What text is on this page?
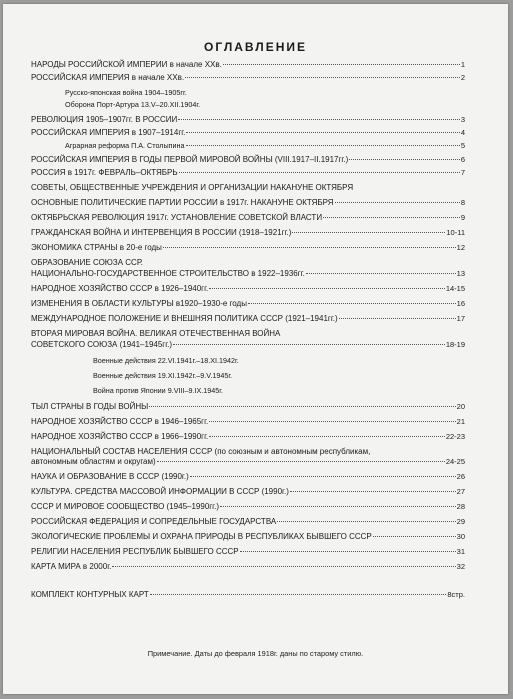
ОГЛАВЛЕНИЕ
НАРОДЫ РОССИЙСКОЙ ИМПЕРИИ в начале XXв.	1
РОССИЙСКАЯ ИМПЕРИЯ в начале XXв.	2
Русско-японская война 1904–1905гг.
Оборона Порт-Артура 13.V–20.XII.1904г.
РЕВОЛЮЦИЯ 1905–1907гг. В РОССИИ	3
РОССИЙСКАЯ ИМПЕРИЯ в 1907–1914гг.	4
Аграрная реформа П.А. Столыпина	5
РОССИЙСКАЯ ИМПЕРИЯ В ГОДЫ ПЕРВОЙ МИРОВОЙ ВОЙНЫ (VIII.1917–II.1917гг.)	6
РОССИЯ в 1917г. ФЕВРАЛЬ–ОКТЯБРЬ	7
СОВЕТЫ, ОБЩЕСТВЕННЫЕ УЧРЕЖДЕНИЯ И ОРГАНИЗАЦИИ НАКАНУНЕ ОКТЯБРЯ
ОСНОВНЫЕ ПОЛИТИЧЕСКИЕ ПАРТИИ РОССИИ в 1917г. НАКАНУНЕ ОКТЯБРЯ	8
ОКТЯБРЬСКАЯ РЕВОЛЮЦИЯ 1917г. УСТАНОВЛЕНИЕ СОВЕТСКОЙ ВЛАСТИ	9
ГРАЖДАНСКАЯ ВОЙНА И ИНТЕРВЕНЦИЯ В РОССИИ (1918–1921гг.)	10-11
ЭКОНОМИКА СТРАНЫ в 20-е годы	12
ОБРАЗОВАНИЕ СОЮЗА ССР.
НАЦИОНАЛЬНО-ГОСУДАРСТВЕННОЕ СТРОИТЕЛЬСТВО в 1922–1936гг.	13
НАРОДНОЕ ХОЗЯЙСТВО СССР в 1926–1940гг.	14-15
ИЗМЕНЕНИЯ В ОБЛАСТИ КУЛЬТУРЫ в1920–1930-е годы	16
МЕЖДУНАРОДНОЕ ПОЛОЖЕНИЕ И ВНЕШНЯЯ ПОЛИТИКА СССР (1921–1941гг.)	17
ВТОРАЯ МИРОВАЯ ВОЙНА. ВЕЛИКАЯ ОТЕЧЕСТВЕННАЯ ВОЙНА
СОВЕТСКОГО СОЮЗА (1941–1945гг.)	18-19
Военные действия 22.VI.1941г.–18.XI.1942г.
Военные действия 19.XI.1942г.–9.V.1945г.
Война против Японии 9.VIII–9.IX.1945г.
ТЫЛ СТРАНЫ В ГОДЫ ВОЙНЫ	20
НАРОДНОЕ ХОЗЯЙСТВО СССР в 1946–1965гг.	21
НАРОДНОЕ ХОЗЯЙСТВО СССР в 1966–1990гг.	22-23
НАЦИОНАЛЬНЫЙ СОСТАВ НАСЕЛЕНИЯ СССР (по союзным и автономным республикам,
автономным областям и округам)	24-25
НАУКА И ОБРАЗОВАНИЕ В СССР (1990г.)	26
КУЛЬТУРА. СРЕДСТВА МАССОВОЙ ИНФОРМАЦИИ В СССР (1990г.)	27
СССР И МИРОВОЕ СООБЩЕСТВО (1945–1990гг.)	28
РОССИЙСКАЯ ФЕДЕРАЦИЯ И СОПРЕДЕЛЬНЫЕ ГОСУДАРСТВА	29
ЭКОЛОГИЧЕСКИЕ ПРОБЛЕМЫ И ОХРАНА ПРИРОДЫ В РЕСПУБЛИКАХ БЫВШЕГО СССР	30
РЕЛИГИИ НАСЕЛЕНИЯ РЕСПУБЛИК БЫВШЕГО СССР	31
КАРТА МИРА в 2000г.	32
КОМПЛЕКТ КОНТУРНЫХ КАРТ	8стр.
Примечание. Даты до февраля 1918г. даны по старому стилю.
